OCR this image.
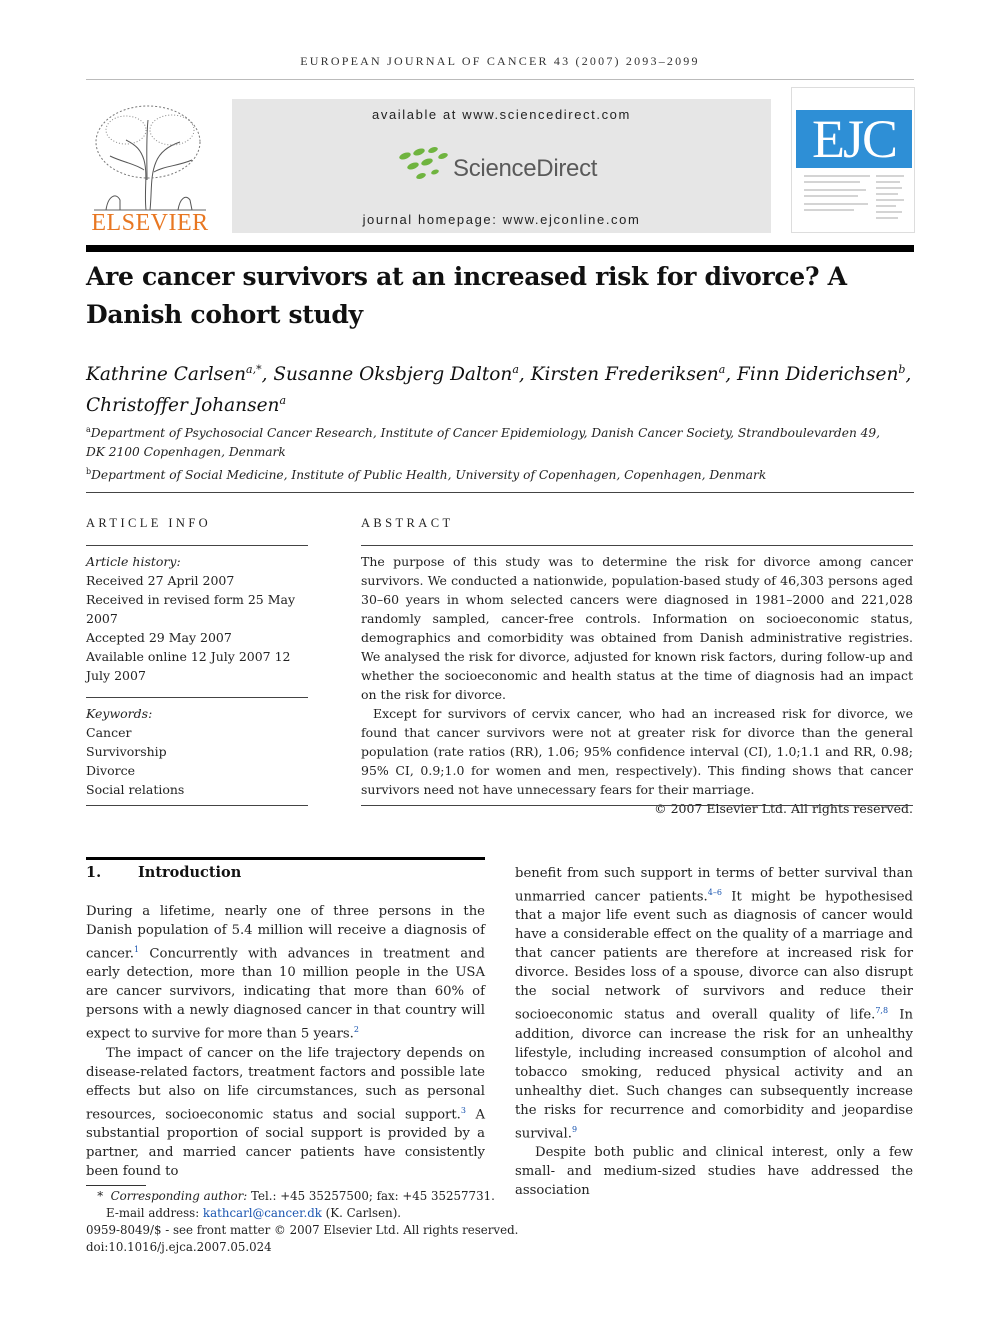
EUROPEAN JOURNAL OF CANCER 43 (2007) 2093–2099
ELSEVIER
available at www.sciencedirect.com
ScienceDirect
journal homepage: www.ejconline.com
EJC
Are cancer survivors at an increased risk for divorce? A Danish cohort study
Kathrine Carlsen$^{a,*}$, Susanne Oksbjerg Dalton$^a$, Kirsten Frederiksen$^a$, Finn Diderichsen$^b$,
Christoffer Johansen$^a$
$^a$Department of Psychosocial Cancer Research, Institute of Cancer Epidemiology, Danish Cancer Society, Strandboulevarden 49,
DK 2100 Copenhagen, Denmark
$^b$Department of Social Medicine, Institute of Public Health, University of Copenhagen, Copenhagen, Denmark
ARTICLE INFO
Article history:
Received 27 April 2007
Received in revised form 25 May 2007
Accepted 29 May 2007
Available online 12 July 2007 12 July 2007
Keywords:
Cancer
Survivorship
Divorce
Social relations
ABSTRACT

The purpose of this study was to determine the risk for divorce among cancer survivors. We conducted a nationwide, population-based study of 46,303 persons aged 30–60 years in whom selected cancers were diagnosed in 1981–2000 and 221,028 randomly sampled, cancer-free controls. Information on socioeconomic status, demographics and comorbidity was obtained from Danish administrative registries. We analysed the risk for divorce, adjusted for known risk factors, during follow-up and whether the socioeconomic and health status at the time of diagnosis had an impact on the risk for divorce.

Except for survivors of cervix cancer, who had an increased risk for divorce, we found that cancer survivors were not at greater risk for divorce than the general population (rate ratios (RR), 1.06; 95% confidence interval (CI), 1.0;1.1 and RR, 0.98; 95% CI, 0.9;1.0 for women and men, respectively). This finding shows that cancer survivors need not have unnecessary fears for their marriage.

© 2007 Elsevier Ltd. All rights reserved.

1.	Introduction

During a lifetime, nearly one of three persons in the Danish population of 5.4 million will receive a diagnosis of cancer.$^1$ Concurrently with advances in treatment and early detection, more than 10 million people in the USA are cancer survivors, indicating that more than 60% of persons with a newly diagnosed cancer in that country will expect to survive for more than 5 years.$^2$

The impact of cancer on the life trajectory depends on disease-related factors, treatment factors and possible late effects but also on life circumstances, such as personal resources, socioeconomic status and social support.$^3$ A substantial proportion of social support is provided by a partner, and married cancer patients have consistently been found to

benefit from such support in terms of better survival than unmarried cancer patients.$^{4-6}$ It might be hypothesised that a major life event such as diagnosis of cancer would have a considerable effect on the quality of a marriage and that cancer patients are therefore at increased risk for divorce. Besides loss of a spouse, divorce can also disrupt the social network of survivors and reduce their socioeconomic status and overall quality of life.$^{7,8}$ In addition, divorce can increase the risk for an unhealthy lifestyle, including increased consumption of alcohol and tobacco smoking, reduced physical activity and an unhealthy diet. Such changes can subsequently increase the risks for recurrence and comorbidity and jeopardise survival.$^9$

Despite both public and clinical interest, only a few small- and medium-sized studies have addressed the association

* Corresponding author: Tel.: +45 35257500; fax: +45 35257731.
E-mail address: kathcarl@cancer.dk (K. Carlsen).
0959-8049/$ - see front matter © 2007 Elsevier Ltd. All rights reserved.
doi:10.1016/j.ejca.2007.05.024
